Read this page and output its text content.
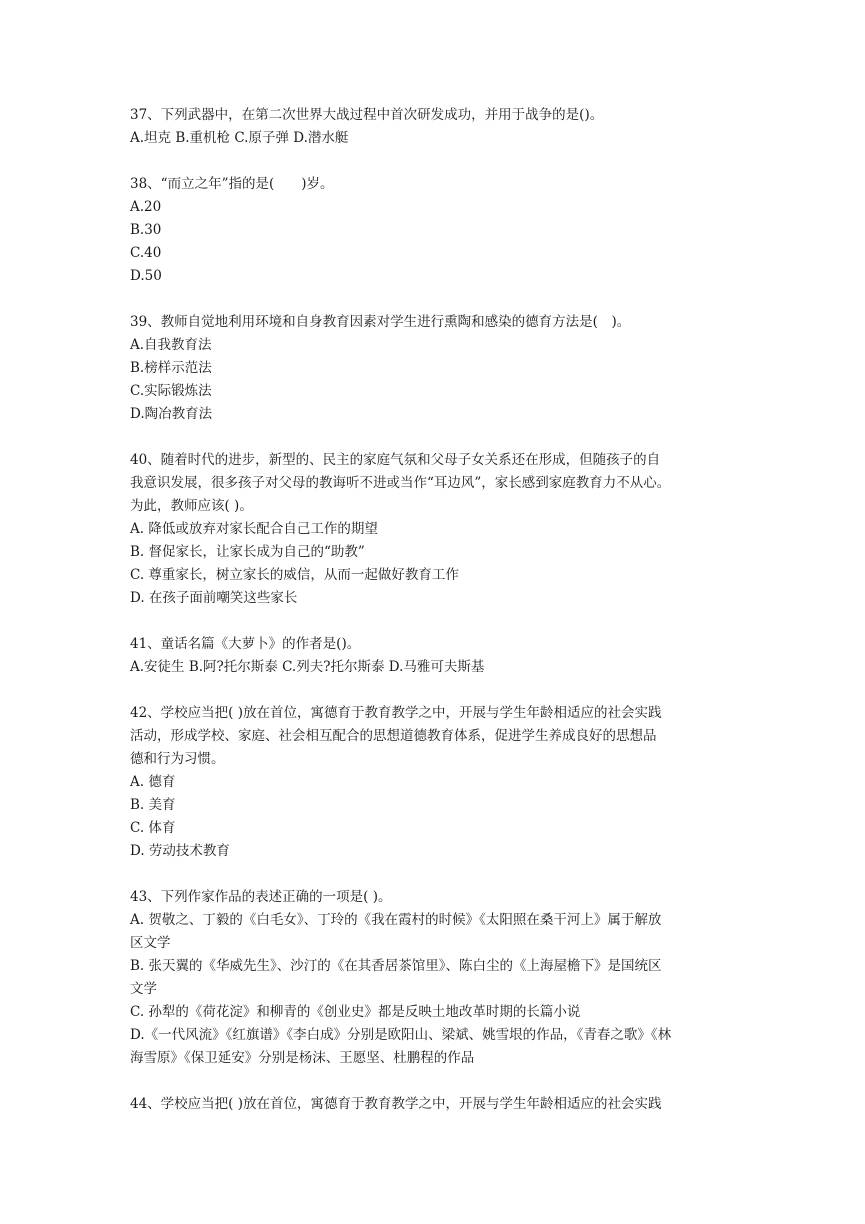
37、下列武器中，在第二次世界大战过程中首次研发成功，并用于战争的是()。
A.坦克 B.重机枪 C.原子弹 D.潜水艇
38、“而立之年”指的是(　　)岁。
A.20
B.30
C.40
D.50
39、教师自觉地利用环境和自身教育因素对学生进行熏陶和感染的德育方法是(　)。
A.自我教育法
B.榜样示范法
C.实际锻炼法
D.陶冶教育法
40、随着时代的进步，新型的、民主的家庭气氛和父母子女关系还在形成，但随孩子的自
我意识发展，很多孩子对父母的教诲听不进或当作“耳边风”，家长感到家庭教育力不从心。
为此，教师应该( )。
A. 降低或放弃对家长配合自己工作的期望
B. 督促家长，让家长成为自己的“助教”
C. 尊重家长，树立家长的威信，从而一起做好教育工作
D. 在孩子面前嘲笑这些家长
41、童话名篇《大萝卜》的作者是()。
A.安徒生 B.阿?托尔斯泰 C.列夫?托尔斯泰 D.马雅可夫斯基
42、学校应当把( )放在首位，寓德育于教育教学之中，开展与学生年龄相适应的社会实践
活动，形成学校、家庭、社会相互配合的思想道德教育体系，促进学生养成良好的思想品
德和行为习惯。
A. 德育
B. 美育
C. 体育
D. 劳动技术教育
43、下列作家作品的表述正确的一项是( )。
A. 贺敬之、丁毅的《白毛女》、丁玲的《我在霞村的时候》《太阳照在桑干河上》属于解放
区文学
B. 张天翼的《华威先生》、沙汀的《在其香居茶馆里》、陈白尘的《上海屋檐下》是国统区
文学
C. 孙犁的《荷花淀》和柳青的《创业史》都是反映土地改革时期的长篇小说
D.《一代风流》《红旗谱》《李白成》分别是欧阳山、梁斌、姚雪垠的作品，《青春之歌》《林
海雪原》《保卫延安》分别是杨沫、王愿坚、杜鹏程的作品
44、学校应当把( )放在首位，寓德育于教育教学之中，开展与学生年龄相适应的社会实践
